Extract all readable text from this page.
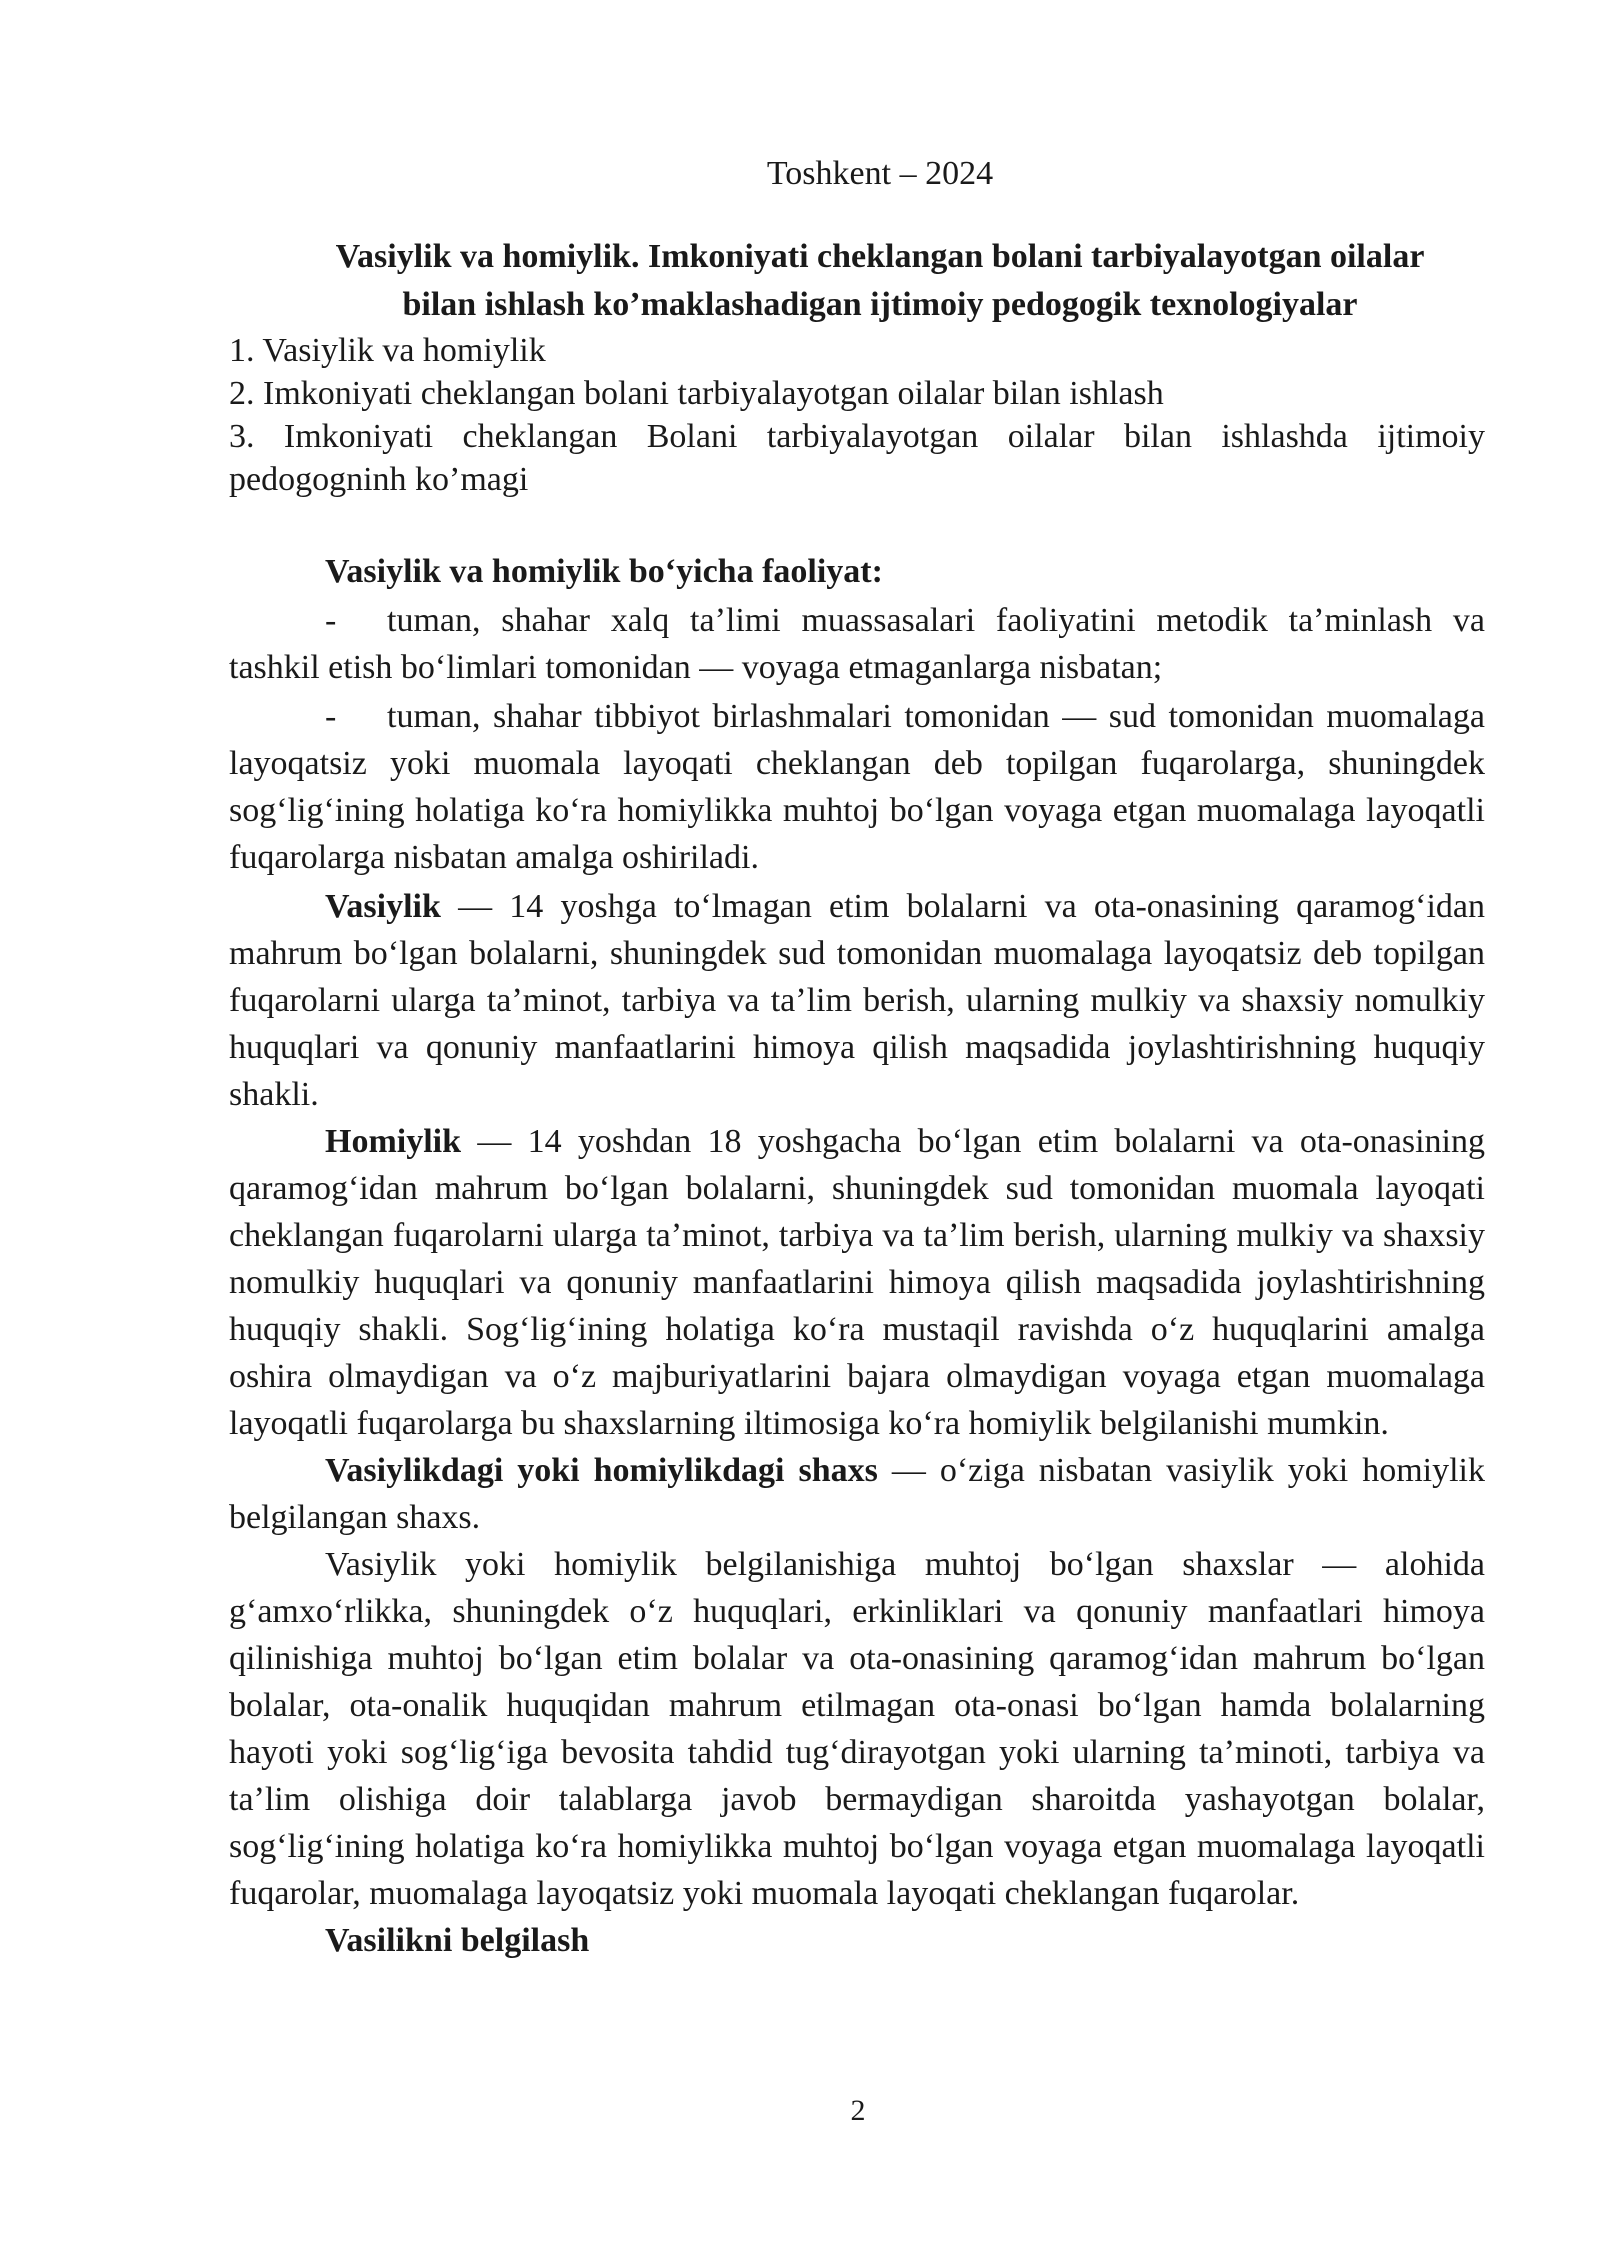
Toshkent – 2024
Vasiylik va homiylik. Imkoniyati cheklangan bolani tarbiyalayotgan oilalar
bilan ishlash ko’maklashadigan ijtimoiy pedogogik texnologiyalar
1. Vasiylik va homiylik
2. Imkoniyati cheklangan bolani tarbiyalayotgan oilalar bilan ishlash
3. Imkoniyati cheklangan Bolani tarbiyalayotgan oilalar bilan ishlashda ijtimoiy pedogogninh ko’magi
Vasiylik va homiylik boʻyicha faoliyat:

- tuman, shahar xalq taʼlimi muassasalari faoliyatini metodik taʼminlash va tashkil etish boʻlimlari tomonidan — voyaga etmaganlarga nisbatan;

- tuman, shahar tibbiyot birlashmalari tomonidan — sud tomonidan muomalaga layoqatsiz yoki muomala layoqati cheklangan deb topilgan fuqarolarga, shuningdek sogʻligʻining holatiga koʻra homiylikka muhtoj boʻlgan voyaga etgan muomalaga layoqatli fuqarolarga nisbatan amalga oshiriladi.

Vasiylik — 14 yoshga toʻlmagan etim bolalarni va ota-onasining qaramogʻidan mahrum boʻlgan bolalarni, shuningdek sud tomonidan muomalaga layoqatsiz deb topilgan fuqarolarni ularga taʼminot, tarbiya va taʼlim berish, ularning mulkiy va shaxsiy nomulkiy huquqlari va qonuniy manfaatlarini himoya qilish maqsadida joylashtirishning huquqiy shakli.

Homiylik — 14 yoshdan 18 yoshgacha boʻlgan etim bolalarni va ota-onasining qaramogʻidan mahrum boʻlgan bolalarni, shuningdek sud tomonidan muomala layoqati cheklangan fuqarolarni ularga taʼminot, tarbiya va taʼlim berish, ularning mulkiy va shaxsiy nomulkiy huquqlari va qonuniy manfaatlarini himoya qilish maqsadida joylashtirishning huquqiy shakli. Sogʻligʻining holatiga koʻra mustaqil ravishda oʻz huquqlarini amalga oshira olmaydigan va oʻz majburiyatlarini bajara olmaydigan voyaga etgan muomalaga layoqatli fuqarolarga bu shaxslarning iltimosiga koʻra homiylik belgilanishi mumkin.

Vasiylikdagi yoki homiylikdagi shaxs — oʻziga nisbatan vasiylik yoki homiylik belgilangan shaxs.

Vasiylik yoki homiylik belgilanishiga muhtoj boʻlgan shaxslar — alohida gʻamxoʻrlikka, shuningdek oʻz huquqlari, erkinliklari va qonuniy manfaatlari himoya qilinishiga muhtoj boʻlgan etim bolalar va ota-onasining qaramogʻidan mahrum boʻlgan bolalar, ota-onalik huquqidan mahrum etilmagan ota-onasi boʻlgan hamda bolalarning hayoti yoki sogʻligʻiga bevosita tahdid tugʻdirayotgan yoki ularning taʼminoti, tarbiya va taʼlim olishiga doir talablarga javob bermaydigan sharoitda yashayotgan bolalar, sogʻligʻining holatiga koʻra homiylikka muhtoj boʻlgan voyaga etgan muomalaga layoqatli fuqarolar, muomalaga layoqatsiz yoki muomala layoqati cheklangan fuqarolar.

Vasilikni belgilash
2
